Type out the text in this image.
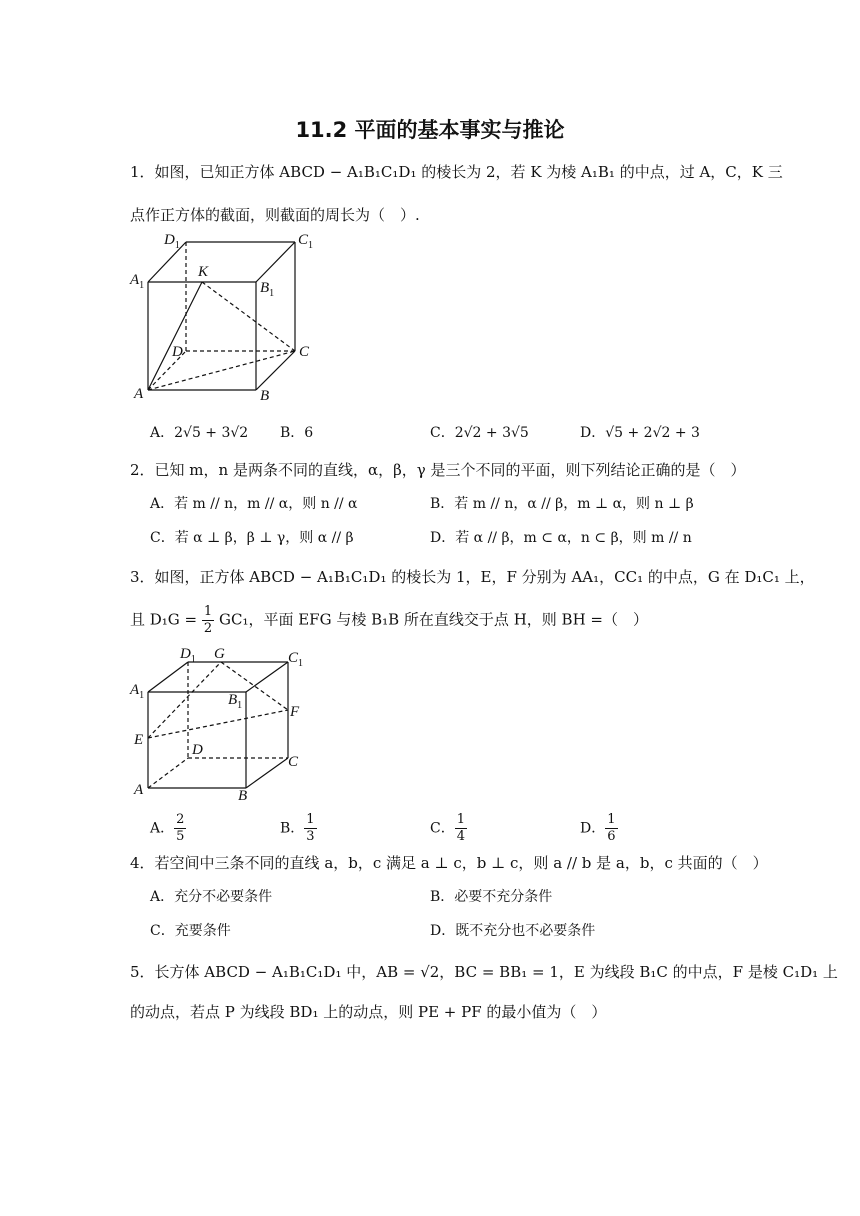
11.2 平面的基本事实与推论
1．如图，已知正方体 ABCD − A₁B₁C₁D₁ 的棱长为 2，若 K 为棱 A₁B₁ 的中点，过 A，C，K 三
点作正方体的截面，则截面的周长为（　）.
$D_1$	$C_1$
$A_1$	$B_1$
K
D	C
A	B
A．2√5 + 3√2 B．6	C．2√2 + 3√5	D．√5 + 2√2 + 3
2．已知 m，n 是两条不同的直线，α，β，γ 是三个不同的平面，则下列结论正确的是（　）
A．若 m // n，m // α，则 n // α	B．若 m // n，α // β，m ⊥ α，则 n ⊥ β
C．若 α ⊥ β，β ⊥ γ，则 α // β	D．若 α // β，m ⊂ α，n ⊂ β，则 m // n
3．如图，正方体 ABCD − A₁B₁C₁D₁ 的棱长为 1，E，F 分别为 AA₁，CC₁ 的中点，G 在 D₁C₁ 上，
且 $D_1G = \frac{1}{2} GC_1$，平面 EFG 与棱 B₁B 所在直线交于点 H，则 BH =（　）
$D_1$ G	$C_1$
$A_1$	$B_1$	F
E
D
C
A	B
A． $\frac{2}{5}$	B． $\frac{1}{3}$	C． $\frac{1}{4}$	D． $\frac{1}{6}$
4．若空间中三条不同的直线 a，b，c 满足 a ⊥ c，b ⊥ c，则 a // b 是 a，b，c 共面的（　）
A．充分不必要条件	B．必要不充分条件
C．充要条件	D．既不充分也不必要条件
5．长方体 ABCD − A₁B₁C₁D₁ 中，AB = √2，BC = BB₁ = 1，E 为线段 B₁C 的中点，F 是棱 C₁D₁ 上
的动点，若点 P 为线段 BD₁ 上的动点，则 PE + PF 的最小值为（　）
